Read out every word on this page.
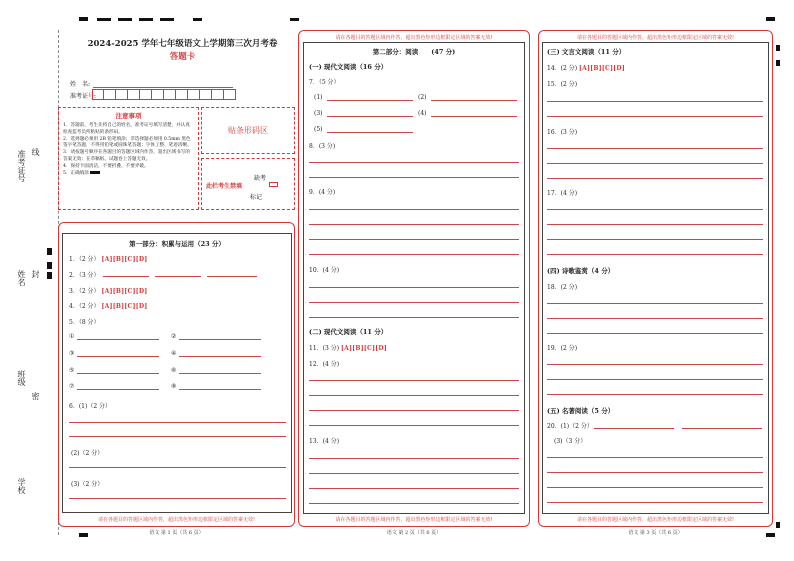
准考证号 线
姓名 封
班级
密
学校
2024-2025 学年七年级语文上学期第三次月考卷
答题卡
姓　名:
准考证号:
注意事项
1．答题前，考生先将自己的姓名，准考证号填写清楚，并认真检查监考员所粘贴的条形码。
2．选择题必须用 2B 铅笔填涂；非选择题必须用 0.5mm 黑色签字笔答题，不得用铅笔或圆珠笔答题；字体工整、笔迹清晰。
3．请按题号顺序在各题目的答题区域内作答，超出区域书写的答案无效；在草稿纸、试题卷上答题无效。
4．保持卡面清洁，不要折叠、不要弄破。
5．正确填涂
贴条形码区
此栏考生禁填
缺考
标记
第一部分：积累与运用（23 分）
1．（2 分） [A][B][C][D]
2．（3 分）
3．（2 分） [A][B][C][D]
4．（2 分） [A][B][C][D]
5．（8 分）
①	②
③	④
⑤	⑥
⑦	⑧
6．(1)（2 分）
(2)（2 分）
(3)（2 分）
请在各题目的答题区域内作答，超出黑色矩形边框限定区域的答案无效!
语文 第 1 页（共 6 页）
请在各题目的答题区域内作答，超出黑色矩形边框限定区域的答案无效!
第二部分：阅读　　(47 分)
(一) 现代文阅读（16 分）
7．（5 分）
(1)	(2)
(3)	(4)
(5)
8．(3 分)
9．(4 分)
10．(4 分)
(二) 现代文阅读（11 分）
11．(3 分) [A][B][C][D]
12．(4 分)
13．(4 分)
请在各题目的答题区域内作答，超出黑色矩形边框限定区域的答案无效!
语文 第 2 页（共 6 页）
请在各题目的答题区域内作答，超出黑色矩形边框限定区域的答案无效!
(三) 文言文阅读（11 分）
14．(2 分) [A][B][C][D]
15．(2 分)
16．(3 分)
17．(4 分)
(四) 诗歌鉴赏（4 分）
18．(2 分)
19．(2 分)
(五) 名著阅读（5 分）
20．(1)（2 分）
(3)（3 分）
请在各题目的答题区域内作答，超出黑色矩形边框限定区域的答案无效!
语文 第 3 页（共 6 页）
